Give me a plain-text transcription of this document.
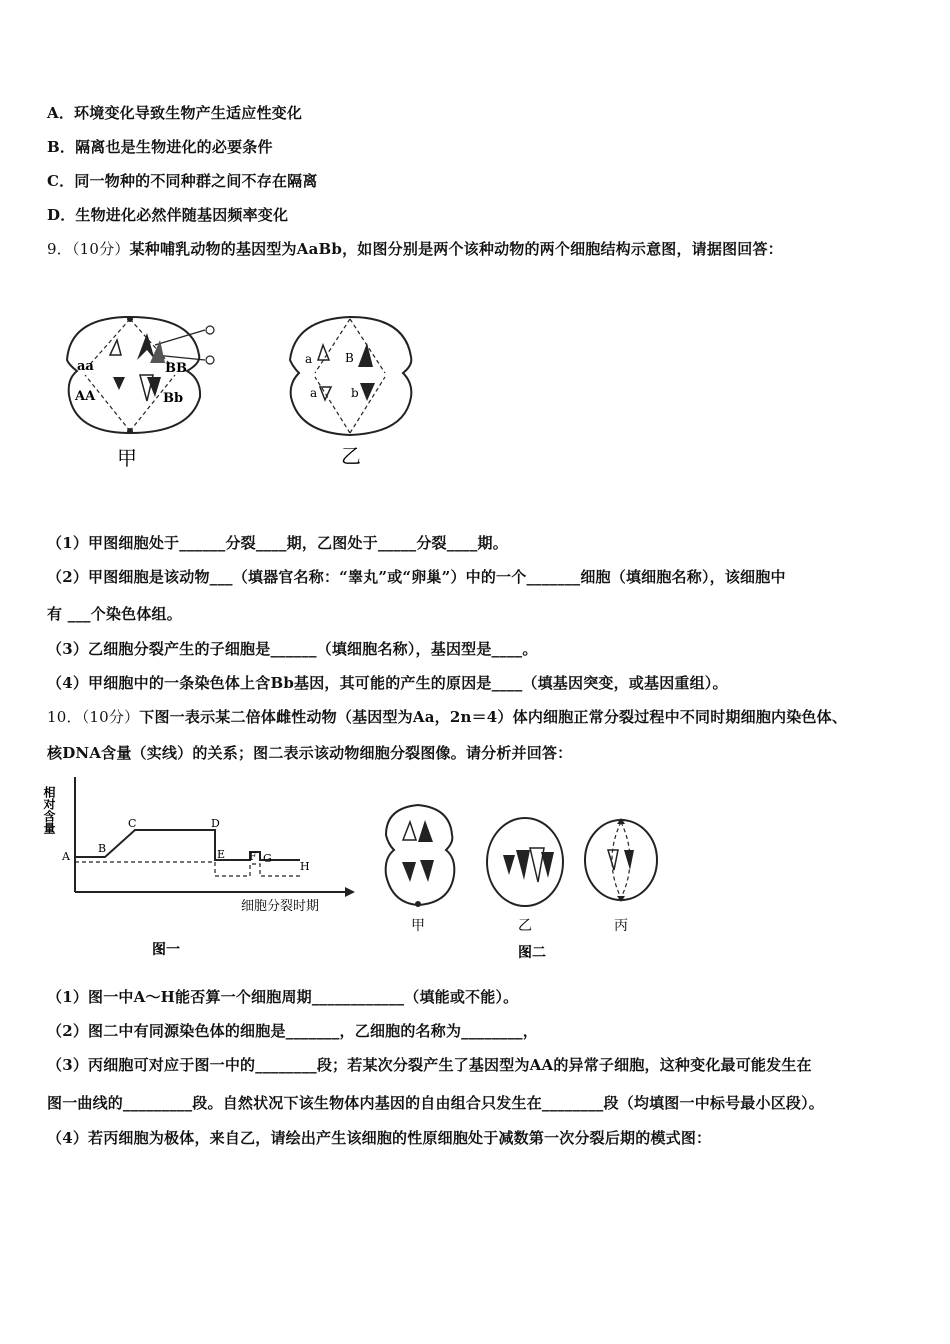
A．环境变化导致生物产生适应性变化
B．隔离也是生物进化的必要条件
C．同一物种的不同种群之间不存在隔离
D．生物进化必然伴随基因频率变化
9．（10分）某种哺乳动物的基因型为AaBb，如图分别是两个该种动物的两个细胞结构示意图，请据图回答：
aa	BB
AA	Bb
甲
a	B
a	b
乙
（1）甲图细胞处于______分裂____期，乙图处于_____分裂____期。
（2）甲图细胞是该动物___（填器官名称：“睾丸”或“卵巢”）中的一个_______细胞（填细胞名称），该细胞中
有 ___个染色体组。
（3）乙细胞分裂产生的子细胞是______（填细胞名称），基因型是____。
（4）甲细胞中的一条染色体上含Bb基因，其可能的产生的原因是____（填基因突变，或基因重组）。
10．（10分）下图一表示某二倍体雌性动物（基因型为Aa，2n＝4）体内细胞正常分裂过程中不同时期细胞内染色体、
核DNA含量（实线）的关系；图二表示该动物细胞分裂图像。请分析并回答：
相对含量
A
B
C	D
E F G
H
细胞分裂时期
图一
甲	乙	丙
图二
（1）图一中A～H能否算一个细胞周期____________（填能或不能）。
（2）图二中有同源染色体的细胞是_______，乙细胞的名称为________，
（3）丙细胞可对应于图一中的________段；若某次分裂产生了基因型为AA的异常子细胞，这种变化最可能发生在
图一曲线的_________段。自然状况下该生物体内基因的自由组合只发生在________段（均填图一中标号最小区段）。
（4）若丙细胞为极体，来自乙，请绘出产生该细胞的性原细胞处于减数第一次分裂后期的模式图：
